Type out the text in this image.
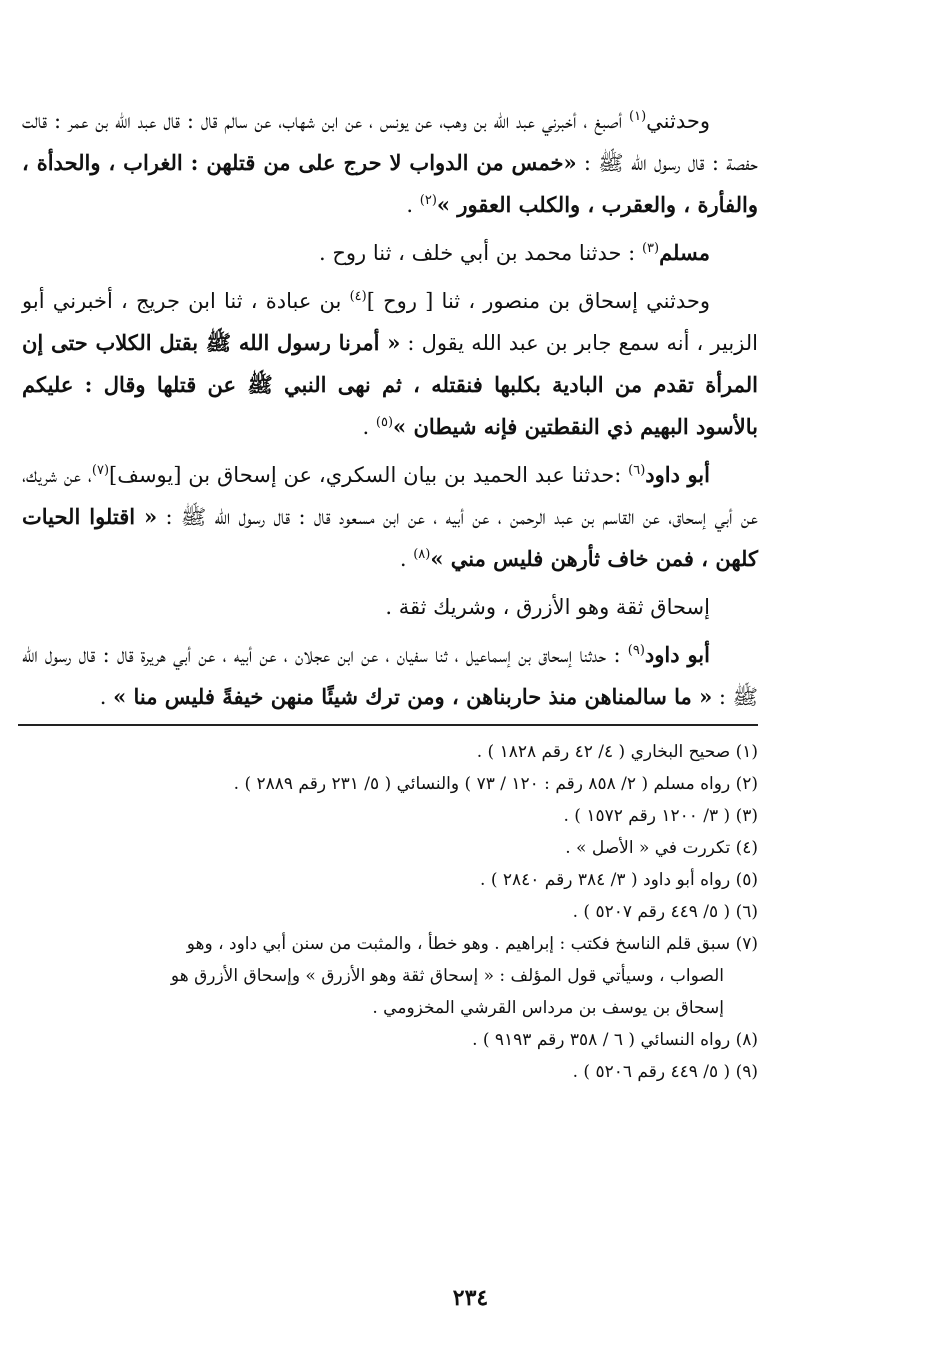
وحدثني$^{(١)}$ أصبغ ، أخبرني عبد الله بن وهب، عن يونس ، عن ابن شهاب، عن سالم قال : قال عبد الله بن عمر : قالت حفصة : قال رسول الله ﷺ : «خمس من الدواب لا حرج على من قتلهن : الغراب ، والحدأة ، والفأرة ، والعقرب ، والكلب العقور »$^{(٢)}$ .

مسلم$^{(٣)}$ : حدثنا محمد بن أبي خلف ، ثنا روح .

وحدثني إسحاق بن منصور ، ثنا [ روح ]$^{(٤)}$ بن عبادة ، ثنا ابن جريج ، أخبرني أبو الزبير ، أنه سمع جابر بن عبد الله يقول : « أمرنا رسول الله ﷺ بقتل الكلاب حتى إن المرأة تقدم من البادية بكلبها فنقتله ، ثم نهى النبي ﷺ عن قتلها وقال : عليكم بالأسود البهيم ذي النقطتين فإنه شيطان »$^{(٥)}$ .

أبو داود$^{(٦)}$ :حدثنا عبد الحميد بن بيان السكري، عن إسحاق بن [يوسف]$^{(٧)}$، عن شريك، عن أبي إسحاق، عن القاسم بن عبد الرحمن ، عن أبيه ، عن ابن مسعود قال : قال رسول الله ﷺ : « اقتلوا الحيات كلهن ، فمن خاف ثأرهن فليس مني »$^{(٨)}$ .

إسحاق ثقة وهو الأزرق ، وشريك ثقة .

أبو داود$^{(٩)}$ : حدثنا إسحاق بن إسماعيل ، ثنا سفيان ، عن ابن عجلان ، عن أبيه ، عن أبي هريرة قال : قال رسول الله ﷺ : « ما سالمناهن منذ حاربناهن ، ومن ترك شيئًا منهن خيفةً فليس منا » .

(١) صحيح البخاري ( ٤/ ٤٢ رقم ١٨٢٨ ) .
(٢) رواه مسلم ( ٢/ ٨٥٨ رقم : ١٢٠ / ٧٣ ) والنسائي ( ٥/ ٢٣١ رقم ٢٨٨٩ ) .
(٣) ( ٣/ ١٢٠٠ رقم ١٥٧٢ ) .
(٤) تكررت في « الأصل » .
(٥) رواه أبو داود ( ٣/ ٣٨٤ رقم ٢٨٤٠ ) .
(٦) ( ٥/ ٤٤٩ رقم ٥٢٠٧ ) .
(٧) سبق قلم الناسخ فكتب : إبراهيم . وهو خطأ ، والمثبت من سنن أبي داود ، وهو
الصواب ، وسيأتي قول المؤلف : « إسحاق ثقة وهو الأزرق » وإسحاق الأزرق هو
إسحاق بن يوسف بن مرداس القرشي المخزومي .
(٨) رواه النسائي ( ٦ / ٣٥٨ رقم ٩١٩٣ ) .
(٩) ( ٥/ ٤٤٩ رقم ٥٢٠٦ ) .
٢٣٤
